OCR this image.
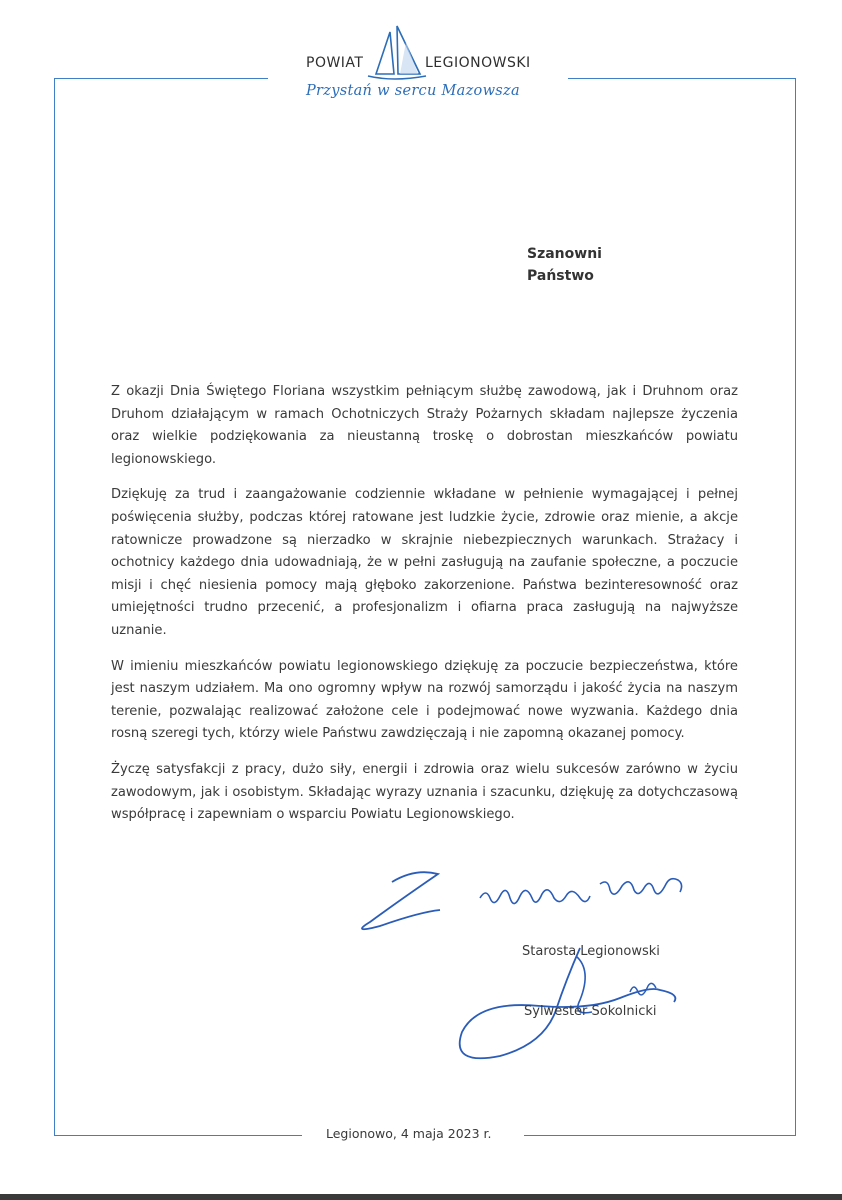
POWIAT	LEGIONOWSKI
Przystań w sercu Mazowsza
Szanowni
Państwo

Z okazji Dnia Świętego Floriana wszystkim pełniącym służbę zawodową, jak i Druhnom oraz Druhom działającym w ramach Ochotniczych Straży Pożarnych składam najlepsze życzenia oraz wielkie podziękowania za nieustanną troskę o dobrostan mieszkańców powiatu legionowskiego.

Dziękuję za trud i zaangażowanie codziennie wkładane w pełnienie wymagającej i pełnej poświęcenia służby, podczas której ratowane jest ludzkie życie, zdrowie oraz mienie, a akcje ratownicze prowadzone są nierzadko w skrajnie niebezpiecznych warunkach. Strażacy i ochotnicy każdego dnia udowadniają, że w pełni zasługują na zaufanie społeczne, a poczucie misji i chęć niesienia pomocy mają głęboko zakorzenione. Państwa bezinteresowność oraz umiejętności trudno przecenić, a profesjonalizm i ofiarna praca zasługują na najwyższe uznanie.

W imieniu mieszkańców powiatu legionowskiego dziękuję za poczucie bezpieczeństwa, które jest naszym udziałem. Ma ono ogromny wpływ na rozwój samorządu i jakość życia na naszym terenie, pozwalając realizować założone cele i podejmować nowe wyzwania. Każdego dnia rosną szeregi tych, którzy wiele Państwu zawdzięczają i nie zapomną okazanej pomocy.

Życzę satysfakcji z pracy, dużo siły, energii i zdrowia oraz wielu sukcesów zarówno w życiu zawodowym, jak i osobistym. Składając wyrazy uznania i szacunku, dziękuję za dotychczasową współpracę i zapewniam o wsparciu Powiatu Legionowskiego.

Starosta Legionowski
Sylwester Sokolnicki
Legionowo, 4 maja 2023 r.
